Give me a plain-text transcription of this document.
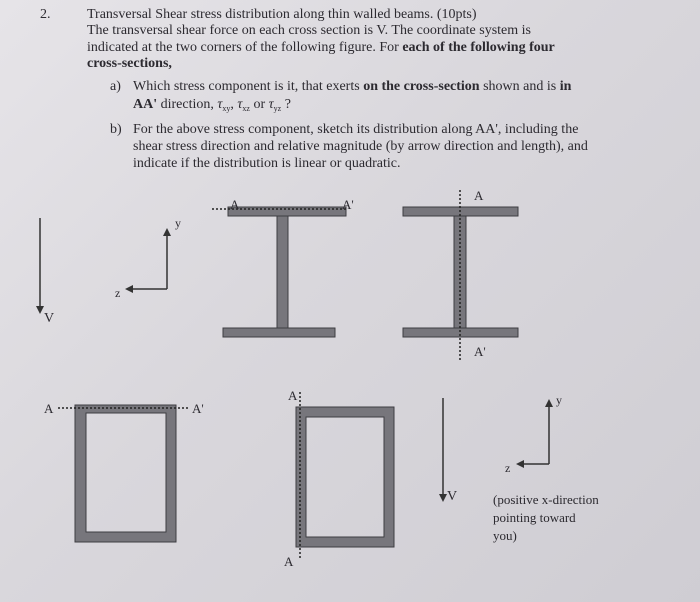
2.	Transversal Shear stress distribution along thin walled beams. (10pts)
The transversal shear force on each cross section is V. The coordinate system is
indicated at the two corners of the following figure. For each of the following four
cross-sections,
a) Which stress component is it, that exerts on the cross-section shown and is in
AA' direction, $\tau_{xy}$, $\tau_{xz}$ or $\tau_{yz}$ ?
b) For the above stress component, sketch its distribution along AA', including the
shear stress direction and relative magnitude (by arrow direction and length), and
indicate if the distribution is linear or quadratic.
V
y
z
A	A'
A
A'
A	A'
A
A
V
y
z
(positive x-direction
pointing toward
you)
